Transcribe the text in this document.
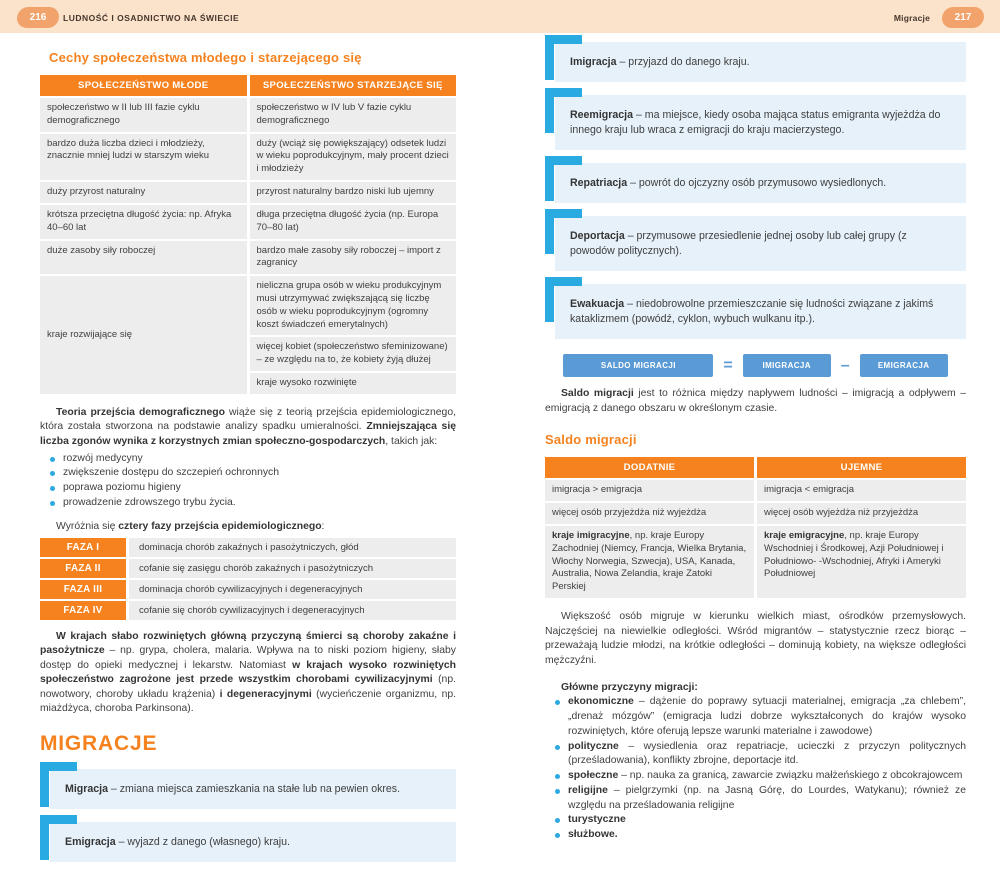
216	LUDNOŚĆ I OSADNICTWO NA ŚWIECIE	Migracje	217
Cechy społeczeństwa młodego i starzejącego się
SPOŁECZEŃSTWO MŁODE	SPOŁECZEŃSTWO STARZEJĄCE SIĘ
społeczeństwo w II lub III fazie cyklu demograficznego	społeczeństwo w IV lub V fazie cyklu demograficznego
bardzo duża liczba dzieci i młodzieży, znacznie mniej ludzi w starszym wieku	duży (wciąż się powiększający) odsetek ludzi w wieku poprodukcyjnym, mały procent dzieci i młodzieży
duży przyrost naturalny	przyrost naturalny bardzo niski lub ujemny
krótsza przeciętna długość życia: np. Afryka 40–60 lat	długa przeciętna długość życia (np. Europa 70–80 lat)
duże zasoby siły roboczej	bardzo małe zasoby siły roboczej – import z zagranicy
kraje rozwijające się	nieliczna grupa osób w wieku produkcyjnym musi utrzymywać zwiększającą się liczbę osób w wieku poprodukcyjnym (ogromny koszt świadczeń emerytalnych)
	więcej kobiet (społeczeństwo sfeminizowane) – ze względu na to, że kobiety żyją dłużej
	kraje wysoko rozwinięte

Teoria przejścia demograficznego wiąże się z teorią przejścia epidemiologicznego, która została stworzona na podstawie analizy spadku umieralności. Zmniejszająca się liczba zgonów wynika z korzystnych zmian społeczno-gospodarczych, takich jak:

rozwój medycyny
zwiększenie dostępu do szczepień ochronnych
poprawa poziomu higieny
prowadzenie zdrowszego trybu życia.

Wyróżnia się cztery fazy przejścia epidemiologicznego:

FAZA I	dominacja chorób zakaźnych i pasożytniczych, głód
FAZA II	cofanie się zasięgu chorób zakaźnych i pasożytniczych
FAZA III	dominacja chorób cywilizacyjnych i degeneracyjnych
FAZA IV	cofanie się chorób cywilizacyjnych i degeneracyjnych

W krajach słabo rozwiniętych główną przyczyną śmierci są choroby zakaźne i pasożytnicze – np. grypa, cholera, malaria. Wpływa na to niski poziom higieny, słaby dostęp do opieki medycznej i lekarstw. Natomiast w krajach wysoko rozwiniętych społeczeństwo zagrożone jest przede wszystkim chorobami cywilizacyjnymi (np. nowotwory, choroby układu krążenia) i degeneracyjnymi (wycieńczenie organizmu, np. miażdżyca, choroba Parkinsona).

MIGRACJE
Migracja – zmiana miejsca zamieszkania na stałe lub na pewien okres.
Emigracja – wyjazd z danego (własnego) kraju.
Imigracja – przyjazd do danego kraju.
Reemigracja – ma miejsce, kiedy osoba mająca status emigranta wyjeżdża do innego kraju lub wraca z emigracji do kraju macierzystego.
Repatriacja – powrót do ojczyzny osób przymusowo wysiedlonych.
Deportacja – przymusowe przesiedlenie jednej osoby lub całej grupy (z powodów politycznych).
Ewakuacja – niedobrowolne przemieszczanie się ludności związane z jakimś kataklizmem (powódź, cyklon, wybuch wulkanu itp.).
SALDO MIGRACJI	=	IMIGRACJA	–	EMIGRACJA

Saldo migracji jest to różnica między napływem ludności – imigracją a odpływem – emigracją z danego obszaru w określonym czasie.

Saldo migracji
DODATNIE	UJEMNE
imigracja > emigracja	imigracja < emigracja
więcej osób przyjeżdża niż wyjeżdża	więcej osób wyjeżdża niż przyjeżdża
kraje imigracyjne, np. kraje Europy Zachodniej (Niemcy, Francja, Wielka Brytania, Włochy Norwegia, Szwecja), USA, Kanada, Australia, Nowa Zelandia, kraje Zatoki Perskiej	kraje emigracyjne, np. kraje Europy Wschodniej i Środkowej, Azji Południowej i Południowo- -Wschodniej, Afryki i Ameryki Południowej

Większość osób migruje w kierunku wielkich miast, ośrodków przemysłowych. Najczęściej na niewielkie odległości. Wśród migrantów – statystycznie rzecz biorąc – przeważają ludzie młodzi, na krótkie odległości – dominują kobiety, na większe odległości mężczyźni.

Główne przyczyny migracji:

ekonomiczne – dążenie do poprawy sytuacji materialnej, emigracja „za chlebem”, „drenaż mózgów” (emigracja ludzi dobrze wykształconych do krajów wysoko rozwiniętych, które oferują lepsze warunki materialne i zawodowe)
polityczne – wysiedlenia oraz repatriacje, ucieczki z przyczyn politycznych (prześladowania), konflikty zbrojne, deportacje itd.
społeczne – np. nauka za granicą, zawarcie związku małżeńskiego z obcokrajowcem
religijne – pielgrzymki (np. na Jasną Górę, do Lourdes, Watykanu); również ze względu na prześladowania religijne
turystyczne
służbowe.
